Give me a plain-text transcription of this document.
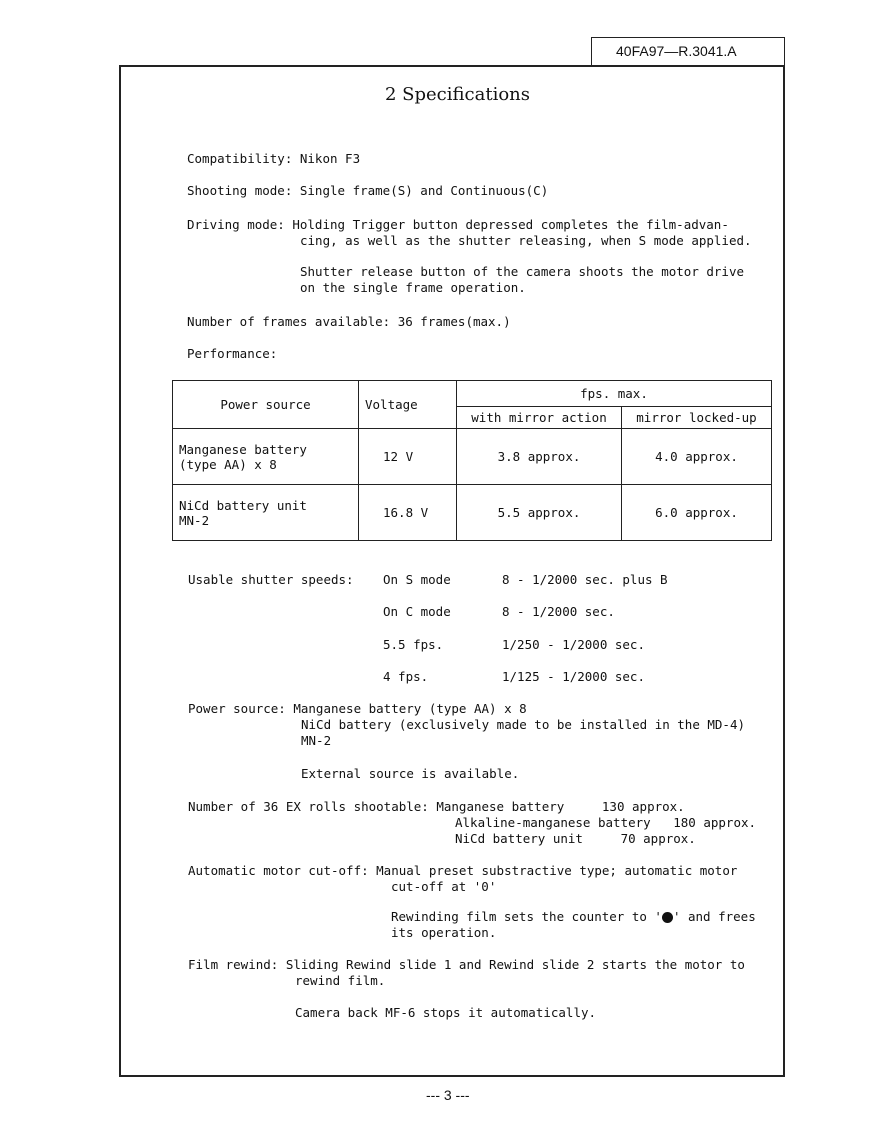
40FA97—R.3041.A
2 Specifications
Compatibility: Nikon F3
Shooting mode: Single frame(S) and Continuous(C)
Driving mode: Holding Trigger button depressed completes the film-advan-
cing, as well as the shutter releasing, when S mode applied.
Shutter release button of the camera shoots the motor drive
on the single frame operation.
Number of frames available: 36 frames(max.)
Performance:
Power source	Voltage	fps. max.	
		with mirror action	mirror locked-up

Manganese battery
(type AA) x 8	12 V	3.8 approx.	4.0 approx.

NiCd battery unit
MN-2	16.8 V	5.5 approx.	6.0 approx.
Usable shutter speeds: On S mode	8 - 1/2000 sec. plus B
On C mode	8 - 1/2000 sec.
5.5 fps.	1/250 - 1/2000 sec.
4 fps.	1/125 - 1/2000 sec.
Power source: Manganese battery (type AA) x 8
NiCd battery (exclusively made to be installed in the MD-4)
MN-2
External source is available.
Number of 36 EX rolls shootable: Manganese battery     130 approx.
Alkaline-manganese battery   180 approx.
NiCd battery unit     70 approx.
Automatic motor cut-off: Manual preset substractive type; automatic motor
cut-off at '0'
Rewinding film sets the counter to ' ' and frees
its operation.
Film rewind: Sliding Rewind slide 1 and Rewind slide 2 starts the motor to
rewind film.
Camera back MF-6 stops it automatically.
--- 3 ---
